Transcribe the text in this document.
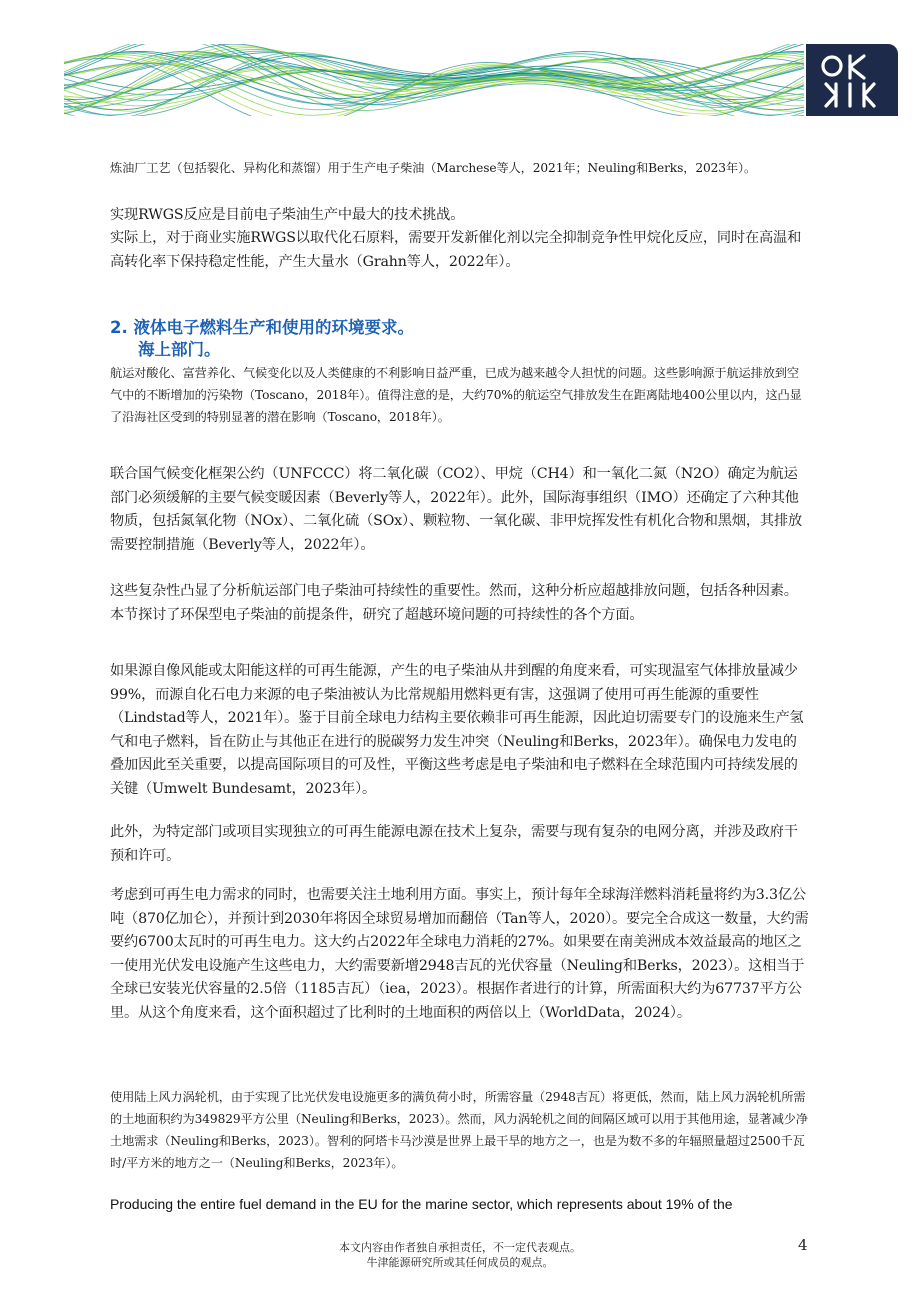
炼油厂工艺（包括裂化、异构化和蒸馏）用于生产电子柴油（Marchese等人，2021年；Neuling和Berks，2023年）。

实现RWGS反应是目前电子柴油生产中最大的技术挑战。

实际上，对于商业实施RWGS以取代化石原料，需要开发新催化剂以完全抑制竞争性甲烷化反应，同时在高温和高转化率下保持稳定性能，产生大量水（Grahn等人，2022年）。

2. 液体电子燃料生产和使用的环境要求。
海上部门。

航运对酸化、富营养化、气候变化以及人类健康的不利影响日益严重，已成为越来越令人担忧的问题。这些影响源于航运排放到空气中的不断增加的污染物（Toscano，2018年）。值得注意的是，大约70%的航运空气排放发生在距离陆地400公里以内，这凸显了沿海社区受到的特别显著的潜在影响（Toscano，2018年）。

联合国气候变化框架公约（UNFCCC）将二氧化碳（CO2）、甲烷（CH4）和一氧化二氮（N2O）确定为航运部门必须缓解的主要气候变暖因素（Beverly等人，2022年）。此外，国际海事组织（IMO）还确定了六种其他物质，包括氮氧化物（NOx）、二氧化硫（SOx）、颗粒物、一氧化碳、非甲烷挥发性有机化合物和黑烟，其排放需要控制措施（Beverly等人，2022年）。

这些复杂性凸显了分析航运部门电子柴油可持续性的重要性。然而，这种分析应超越排放问题，包括各种因素。本节探讨了环保型电子柴油的前提条件，研究了超越环境问题的可持续性的各个方面。

如果源自像风能或太阳能这样的可再生能源，产生的电子柴油从井到醒的角度来看，可实现温室气体排放量减少99%，而源自化石电力来源的电子柴油被认为比常规船用燃料更有害，这强调了使用可再生能源的重要性（Lindstad等人，2021年）。鉴于目前全球电力结构主要依赖非可再生能源，因此迫切需要专门的设施来生产氢气和电子燃料，旨在防止与其他正在进行的脱碳努力发生冲突（Neuling和Berks，2023年）。确保电力发电的叠加因此至关重要，以提高国际项目的可及性，平衡这些考虑是电子柴油和电子燃料在全球范围内可持续发展的关键（Umwelt Bundesamt，2023年）。

此外，为特定部门或项目实现独立的可再生能源电源在技术上复杂，需要与现有复杂的电网分离，并涉及政府干预和许可。

考虑到可再生电力需求的同时，也需要关注土地利用方面。事实上，预计每年全球海洋燃料消耗量将约为3.3亿公吨（870亿加仑），并预计到2030年将因全球贸易增加而翻倍（Tan等人，2020）。要完全合成这一数量，大约需要约6700太瓦时的可再生电力。这大约占2022年全球电力消耗的27%。如果要在南美洲成本效益最高的地区之一使用光伏发电设施产生这些电力，大约需要新增2948吉瓦的光伏容量（Neuling和Berks，2023）。这相当于全球已安装光伏容量的2.5倍（1185吉瓦）（iea，2023）。根据作者进行的计算，所需面积大约为67737平方公里。从这个角度来看，这个面积超过了比利时的土地面积的两倍以上（WorldData，2024）。

使用陆上风力涡轮机，由于实现了比光伏发电设施更多的满负荷小时，所需容量（2948吉瓦）将更低，然而，陆上风力涡轮机所需的土地面积约为349829平方公里（Neuling和Berks，2023）。然而，风力涡轮机之间的间隔区域可以用于其他用途，显著减少净土地需求（Neuling和Berks，2023）。智利的阿塔卡马沙漠是世界上最干旱的地方之一，也是为数不多的年辐照量超过2500千瓦时/平方米的地方之一（Neuling和Berks，2023年）。

Producing the entire fuel demand in the EU for the marine sector, which represents about 19% of the

本文内容由作者独自承担责任，不一定代表观点。

牛津能源研究所或其任何成员的观点。

4
